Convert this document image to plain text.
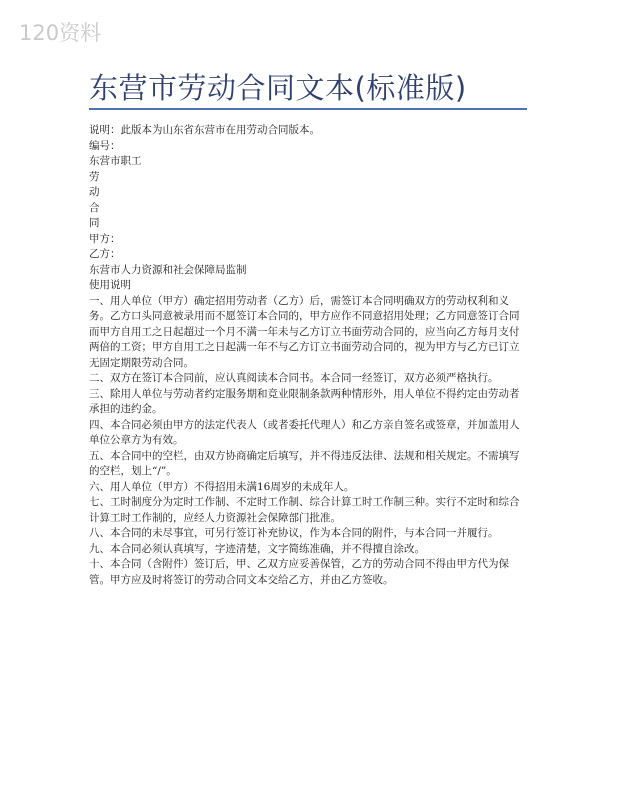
120资料
东营市劳动合同文本(标准版)

说明：此版本为山东省东营市在用劳动合同版本。

编号：

东营市职工

劳

动

合

同

甲方：

乙方：

东营市人力资源和社会保障局监制

使用说明

一、用人单位（甲方）确定招用劳动者（乙方）后，需签订本合同明确双方的劳动权利和义务。乙方口头同意被录用而不愿签订本合同的，甲方应作不同意招用处理；乙方同意签订合同而甲方自用工之日起超过一个月不满一年未与乙方订立书面劳动合同的，应当向乙方每月支付两倍的工资；甲方自用工之日起满一年不与乙方订立书面劳动合同的，视为甲方与乙方已订立无固定期限劳动合同。

二、双方在签订本合同前，应认真阅读本合同书。本合同一经签订，双方必须严格执行。

三、除用人单位与劳动者约定服务期和竞业限制条款两种情形外，用人单位不得约定由劳动者承担的违约金。

四、本合同必须由甲方的法定代表人（或者委托代理人）和乙方亲自签名或签章，并加盖用人单位公章方为有效。

五、本合同中的空栏，由双方协商确定后填写，并不得违反法律、法规和相关规定。不需填写的空栏，划上“/”。

六、用人单位（甲方）不得招用未满16周岁的未成年人。

七、工时制度分为定时工作制、不定时工作制、综合计算工时工作制三种。实行不定时和综合计算工时工作制的，应经人力资源社会保障部门批准。

八、本合同的未尽事宜，可另行签订补充协议，作为本合同的附件，与本合同一并履行。

九、本合同必须认真填写，字迹清楚，文字简练准确，并不得擅自涂改。

十、本合同（含附件）签订后，甲、乙双方应妥善保管，乙方的劳动合同不得由甲方代为保管。甲方应及时将签订的劳动合同文本交给乙方，并由乙方签收。
